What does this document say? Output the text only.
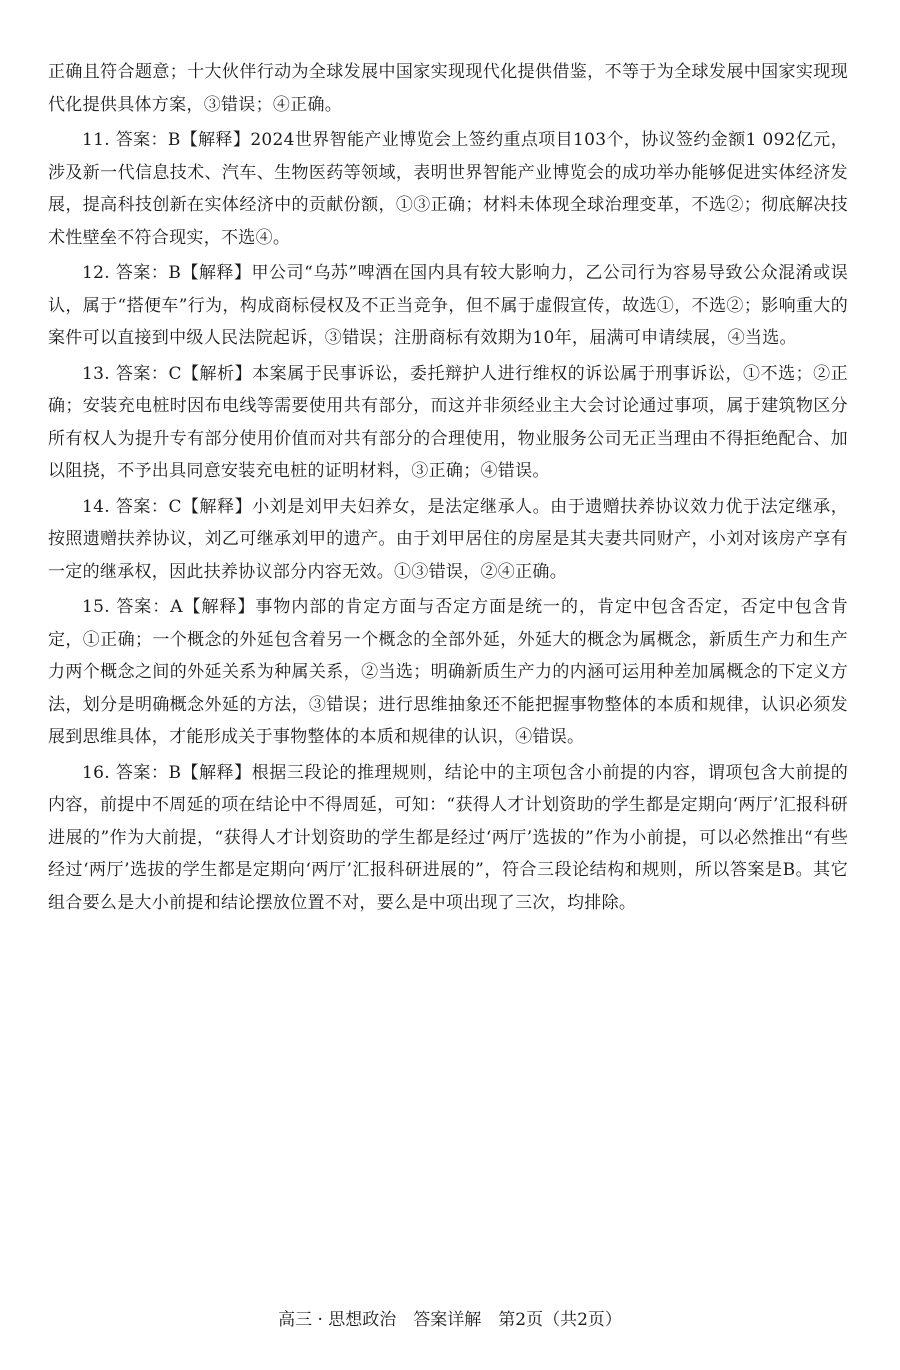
正确且符合题意；十大伙伴行动为全球发展中国家实现现代化提供借鉴，不等于为全球发展中国家实现现代化提供具体方案，③错误；④正确。

11. 答案：B【解释】2024世界智能产业博览会上签约重点项目103个，协议签约金额1 092亿元，涉及新一代信息技术、汽车、生物医药等领域，表明世界智能产业博览会的成功举办能够促进实体经济发展，提高科技创新在实体经济中的贡献份额，①③正确；材料未体现全球治理变革，不选②；彻底解决技术性壁垒不符合现实，不选④。

12. 答案：B【解释】甲公司“乌苏”啤酒在国内具有较大影响力，乙公司行为容易导致公众混淆或误认，属于“搭便车”行为，构成商标侵权及不正当竞争，但不属于虚假宣传，故选①，不选②；影响重大的案件可以直接到中级人民法院起诉，③错误；注册商标有效期为10年，届满可申请续展，④当选。

13. 答案：C【解析】本案属于民事诉讼，委托辩护人进行维权的诉讼属于刑事诉讼，①不选；②正确；安装充电桩时因布电线等需要使用共有部分，而这并非须经业主大会讨论通过事项，属于建筑物区分所有权人为提升专有部分使用价值而对共有部分的合理使用，物业服务公司无正当理由不得拒绝配合、加以阻挠，不予出具同意安装充电桩的证明材料，③正确；④错误。

14. 答案：C【解释】小刘是刘甲夫妇养女，是法定继承人。由于遗赠扶养协议效力优于法定继承，按照遗赠扶养协议，刘乙可继承刘甲的遗产。由于刘甲居住的房屋是其夫妻共同财产，小刘对该房产享有一定的继承权，因此扶养协议部分内容无效。①③错误，②④正确。

15. 答案：A【解释】事物内部的肯定方面与否定方面是统一的，肯定中包含否定，否定中包含肯定，①正确；一个概念的外延包含着另一个概念的全部外延，外延大的概念为属概念，新质生产力和生产力两个概念之间的外延关系为种属关系，②当选；明确新质生产力的内涵可运用种差加属概念的下定义方法，划分是明确概念外延的方法，③错误；进行思维抽象还不能把握事物整体的本质和规律，认识必须发展到思维具体，才能形成关于事物整体的本质和规律的认识，④错误。

16. 答案：B【解释】根据三段论的推理规则，结论中的主项包含小前提的内容，谓项包含大前提的内容，前提中不周延的项在结论中不得周延，可知：“获得人才计划资助的学生都是定期向‘两厅’汇报科研进展的”作为大前提，“获得人才计划资助的学生都是经过‘两厅’选拔的”作为小前提，可以必然推出“有些经过‘两厅’选拔的学生都是定期向‘两厅’汇报科研进展的”，符合三段论结构和规则，所以答案是B。其它组合要么是大小前提和结论摆放位置不对，要么是中项出现了三次，均排除。

高三 · 思想政治　答案详解　第2页（共2页）
